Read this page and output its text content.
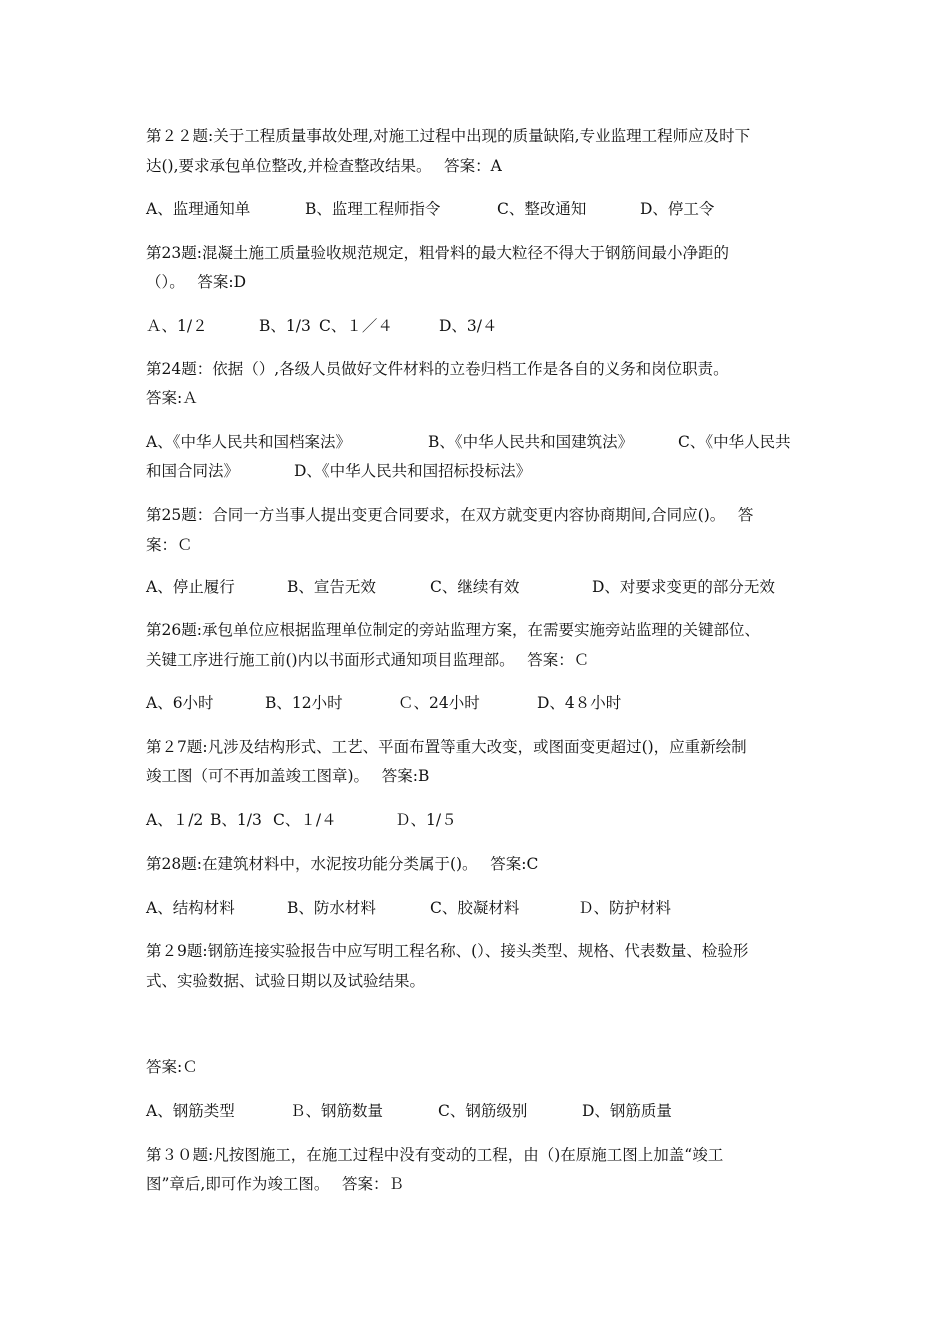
第２２题:关于工程质量事故处理,对施工过程中出现的质量缺陷,专业监理工程师应及时下
达(),要求承包单位整改,并检查整改结果。　 答案：A
A、监理通知单	B、监理工程师指令	C、整改通知	D、停工令
第23题:混凝土施工质量验收规范规定，粗骨料的最大粒径不得大于钢筋间最小净距的
（）。　 答案:D
Ａ、1/２	B、1/3 C、１／４	D、3/４
第24题：依据（）,各级人员做好文件材料的立卷归档工作是各自的义务和岗位职责。
答案:Ａ
A、《中华人民共和国档案法》	B、《中华人民共和国建筑法》	C、《中华人民共
和国合同法》	D、《中华人民共和国招标投标法》
第25题：合同一方当事人提出变更合同要求，在双方就变更内容协商期间,合同应()。　 答
案：Ｃ
A、停止履行	B、宣告无效	C、继续有效	D、对要求变更的部分无效
第26题:承包单位应根据监理单位制定的旁站监理方案，在需要实施旁站监理的关键部位、
关键工序进行施工前()内以书面形式通知项目监理部。　 答案：Ｃ
A、6小时	B、12小时	Ｃ、24小时	D、4８小时
第２7题:凡涉及结构形式、工艺、平面布置等重大改变，或图面变更超过()，应重新绘制
竣工图（可不再加盖竣工图章)。　 答案:B
A、１/2 B、1/3 C、１/４	Ｄ、1/５
第28题:在建筑材料中，水泥按功能分类属于()。　 答案:C
A、结构材料	B、防水材料	C、胶凝材料	Ｄ、防护材料
第２9题:钢筋连接实验报告中应写明工程名称、(）、接头类型、规格、代表数量、检验形
式、实验数据、试验日期以及试验结果。
答案:Ｃ
A、钢筋类型	Ｂ、钢筋数量	C、钢筋级别	D、钢筋质量
第３０题:凡按图施工，在施工过程中没有变动的工程，由（)在原施工图上加盖“竣工
图”章后,即可作为竣工图。　 答案：Ｂ
